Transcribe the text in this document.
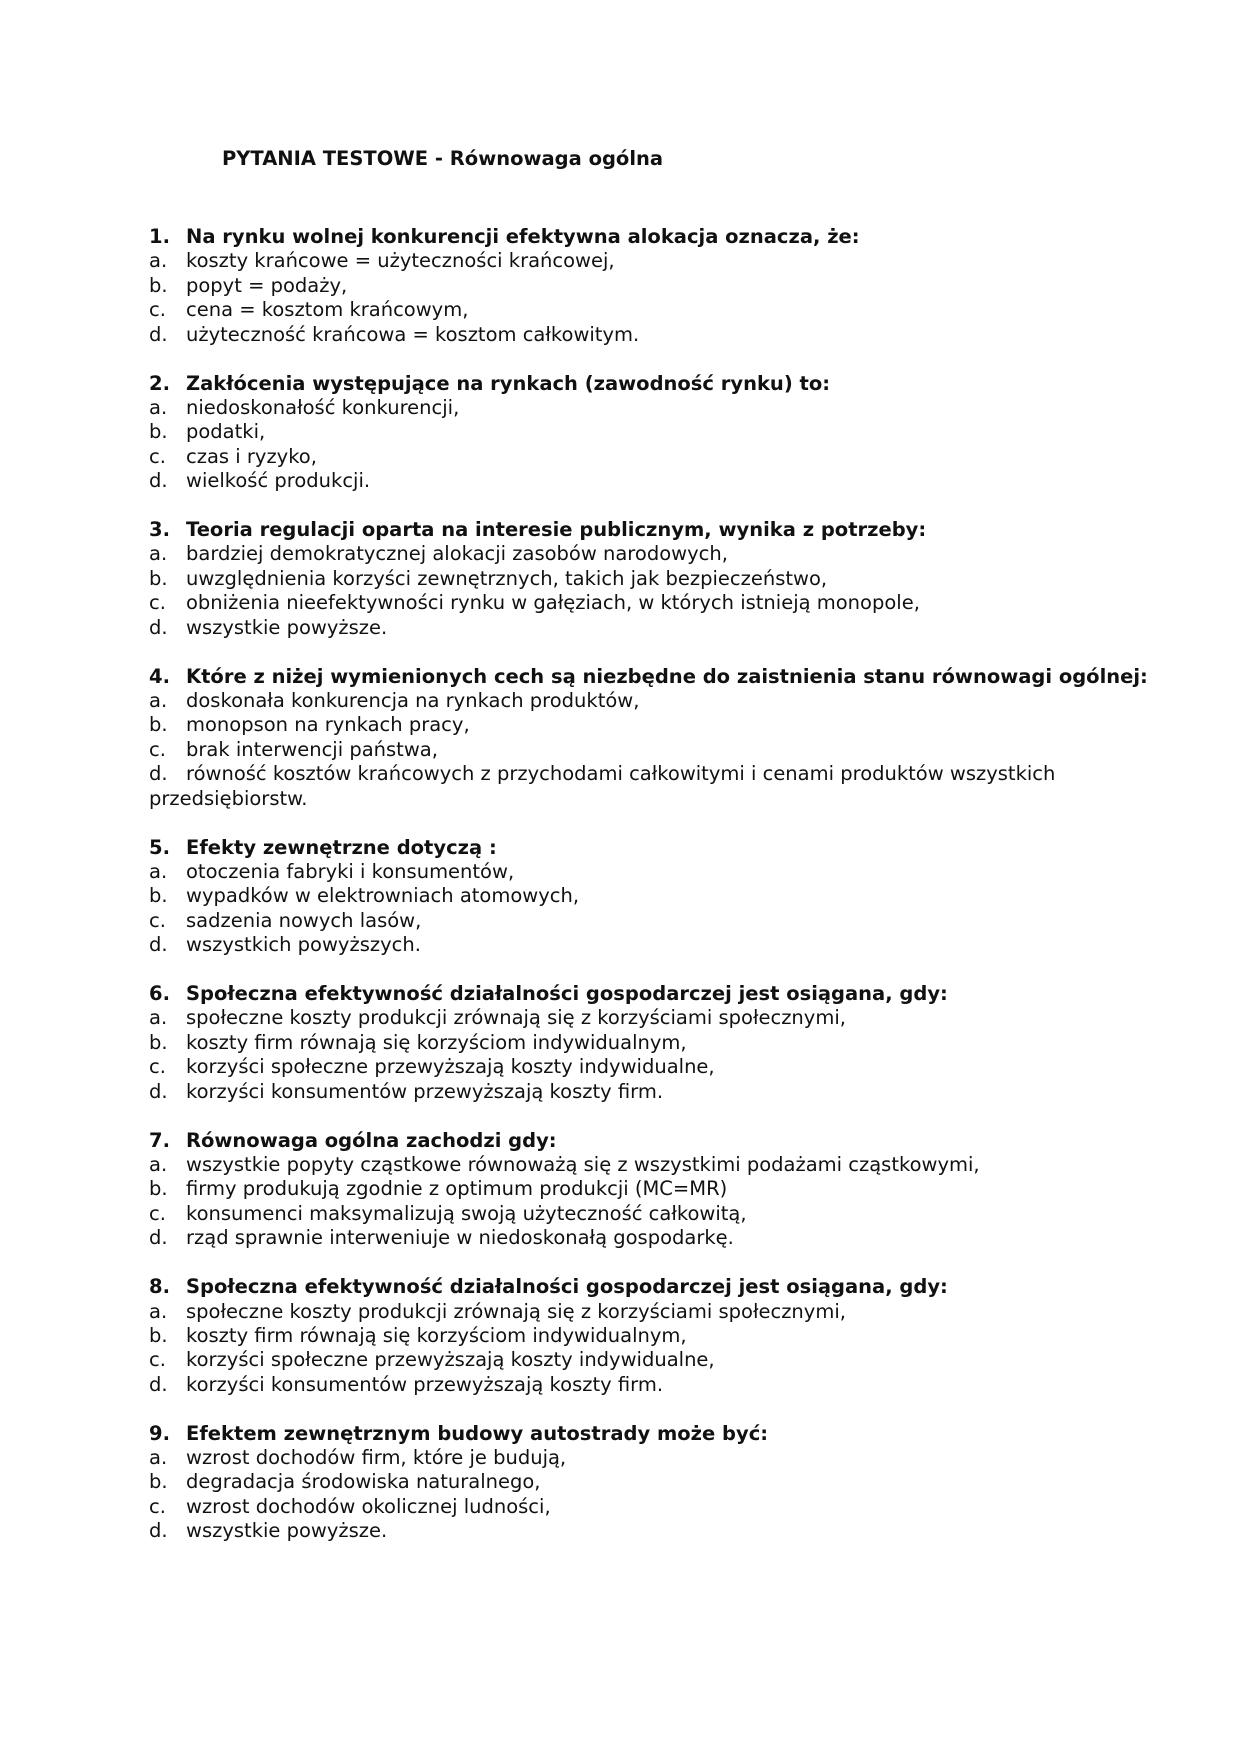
PYTANIA TESTOWE - Równowaga ogólna
1. Na rynku wolnej konkurencji efektywna alokacja oznacza, że:
a. koszty krańcowe = użyteczności krańcowej,
b. popyt = podaży,
c.	cena = kosztom krańcowym,
d. użyteczność krańcowa = kosztom całkowitym.
2. Zakłócenia występujące na rynkach (zawodność rynku) to:
a. niedoskonałość konkurencji,
b. podatki,
c.	czas i ryzyko,
d. wielkość produkcji.
3. Teoria regulacji oparta na interesie publicznym, wynika z potrzeby:
a. bardziej demokratycznej alokacji zasobów narodowych,
b. uwzględnienia korzyści zewnętrznych, takich jak bezpieczeństwo,
c.	obniżenia nieefektywności rynku w gałęziach, w których istnieją monopole,
d. wszystkie powyższe.
4. Które z niżej wymienionych cech są niezbędne do zaistnienia stanu równowagi ogólnej:
a. doskonała konkurencja na rynkach produktów,
b. monopson na rynkach pracy,
c.	brak interwencji państwa,
d. równość kosztów krańcowych z przychodami całkowitymi i cenami produktów wszystkich przedsiębiorstw.
5. Efekty zewnętrzne dotyczą :
a. otoczenia fabryki i konsumentów,
b. wypadków w elektrowniach atomowych,
c.	sadzenia nowych lasów,
d. wszystkich powyższych.
6. Społeczna efektywność działalności gospodarczej jest osiągana, gdy:
a. społeczne koszty produkcji zrównają się z korzyściami społecznymi,
b. koszty firm równają się korzyściom indywidualnym,
c.	korzyści społeczne przewyższają koszty indywidualne,
d. korzyści konsumentów przewyższają koszty firm.
7. Równowaga ogólna zachodzi gdy:
a. wszystkie popyty cząstkowe równoważą się z wszystkimi podażami cząstkowymi,
b. firmy produkują zgodnie z optimum produkcji (MC=MR)
c.	konsumenci maksymalizują swoją użyteczność całkowitą,
d. rząd sprawnie interweniuje w niedoskonałą gospodarkę.
8. Społeczna efektywność działalności gospodarczej jest osiągana, gdy:
a. społeczne koszty produkcji zrównają się z korzyściami społecznymi,
b. koszty firm równają się korzyściom indywidualnym,
c.	korzyści społeczne przewyższają koszty indywidualne,
d. korzyści konsumentów przewyższają koszty firm.
9. Efektem zewnętrznym budowy autostrady może być:
a. wzrost dochodów firm, które je budują,
b. degradacja środowiska naturalnego,
c.	wzrost dochodów okolicznej ludności,
d. wszystkie powyższe.
